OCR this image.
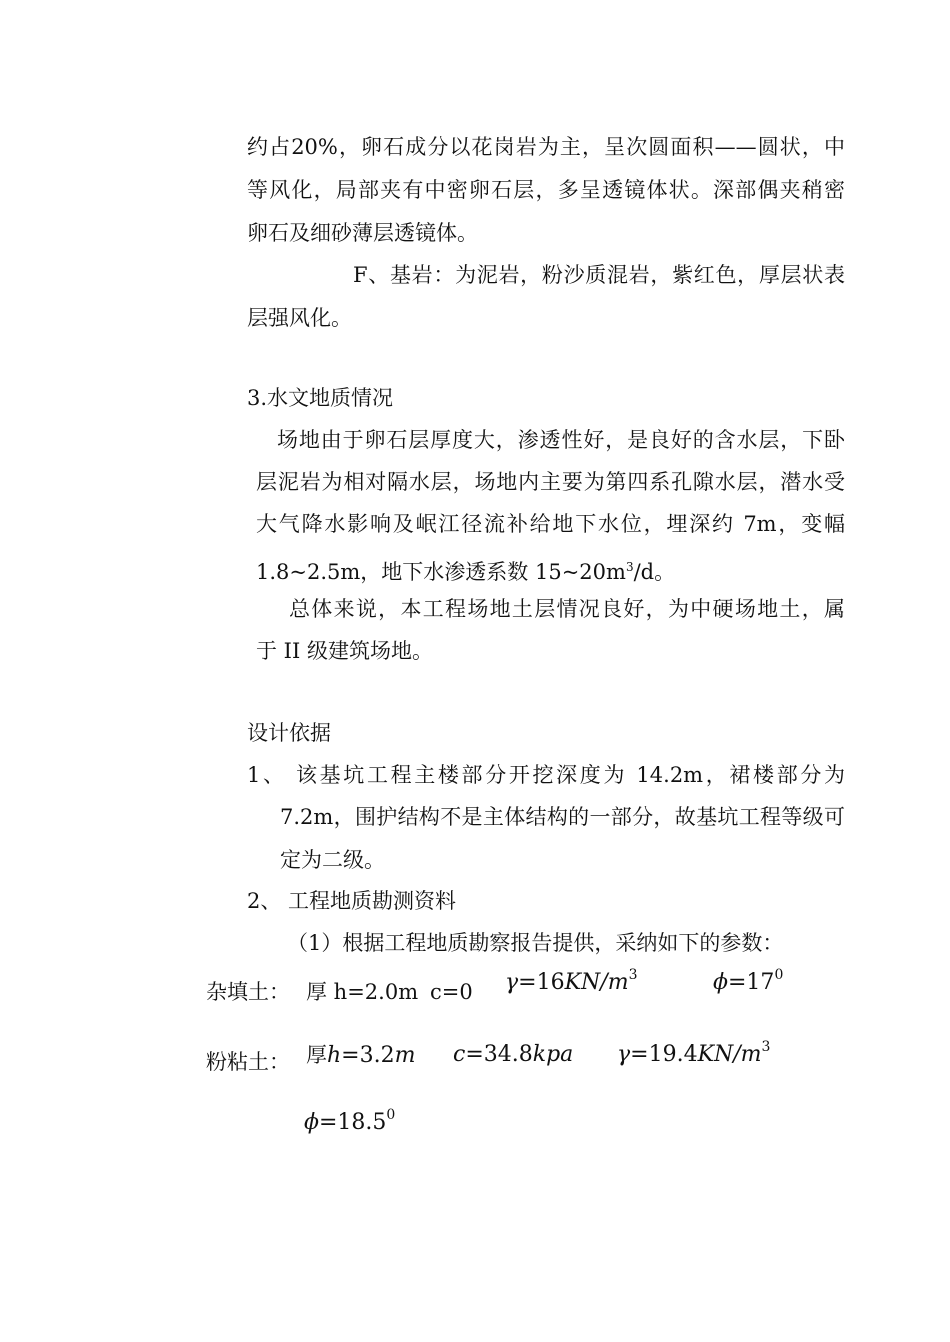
约占20%，卵石成分以花岗岩为主，呈次圆面积——圆状，中
等风化，局部夹有中密卵石层，多呈透镜体状。深部偶夹稍密
卵石及细砂薄层透镜体。
F、基岩：为泥岩，粉沙质混岩，紫红色，厚层状表
层强风化。
3.水文地质情况
场地由于卵石层厚度大，渗透性好，是良好的含水层，下卧
层泥岩为相对隔水层，场地内主要为第四系孔隙水层，潜水受
大气降水影响及岷江径流补给地下水位，埋深约 7m，变幅
1.8~2.5m，地下水渗透系数 $15\sim 20m^3/d$。
总体来说，本工程场地土层情况良好，为中硬场地土，属
于 II 级建筑场地。
设计依据
1、 该基坑工程主楼部分开挖深度为 14.2m，裙楼部分为
7.2m，围护结构不是主体结构的一部分，故基坑工程等级可
定为二级。
2、 工程地质勘测资料
（1）根据工程地质勘察报告提供，采纳如下的参数：
杂填土： 厚 h=2.0m c=0 $\gamma=16KN/m^3$	$\phi=17^0$
粉粘土： 厚h=3.2m c=34.8kpa $\gamma=19.4KN/m^3$
$\phi=18.5^0$
